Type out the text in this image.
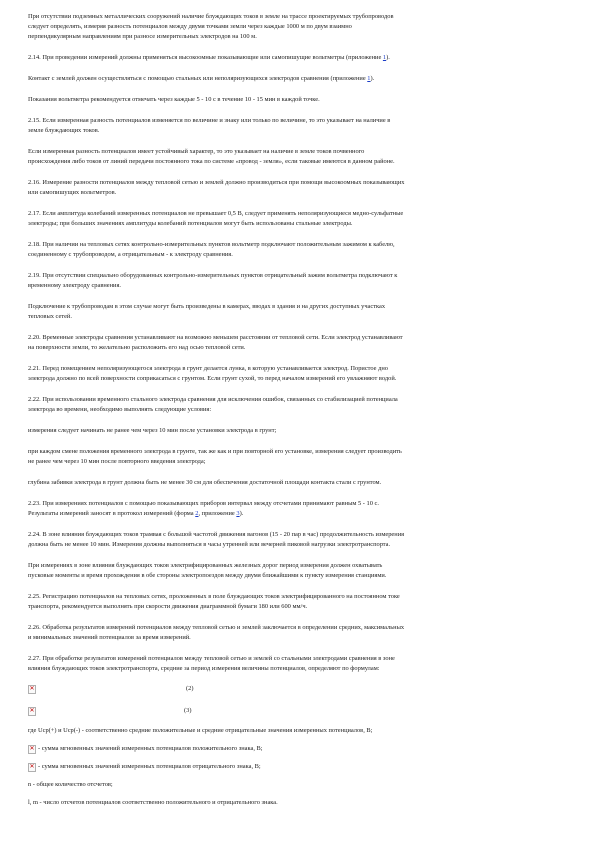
При отсутствии подземных металлических сооружений наличие блуждающих токов в земле на трассе проектируемых трубопроводов
следует определять, измеряя разность потенциалов между двумя точками земли через каждые 1000 м по двум взаимно
перпендикулярным направлениям при разносе измерительных электродов на 100 м.
2.14. При проведении измерений должны применяться высокоомные показывающие или самопишущие вольтметры (приложение 1).
Контакт с землей должен осуществляться с помощью стальных или неполяризующихся электродов сравнения (приложение 1).
Показания вольтметра рекомендуется отмечать через каждые 5 - 10 с в течение 10 - 15 мин в каждой точке.
2.15. Если измеренная разность потенциалов изменяется по величине и знаку или только по величине, то это указывает на наличие в
земле блуждающих токов.
Если измеренная разность потенциалов имеет устойчивый характер, то это указывает на наличие в земле токов почвенного
происхождения либо токов от линий передачи постоянного тока по системе «провод - земля», если таковые имеются в данном районе.
2.16. Измерение разности потенциалов между тепловой сетью и землей должно производиться при помощи высокоомных показывающих
или самопишущих вольтметров.
2.17. Если амплитуда колебаний измеренных потенциалов не превышает 0,5 В, следует применять неполяризующиеся медно-сульфатные
электроды; при больших значениях амплитуды колебаний потенциалов могут быть использованы стальные электроды.
2.18. При наличии на тепловых сетях контрольно-измерительных пунктов вольтметр подключают положительным зажимом к кабелю,
соединенному с трубопроводом, а отрицательным - к электроду сравнения.
2.19. При отсутствии специально оборудованных контрольно-измерительных пунктов отрицательный зажим вольтметра подключают к
временному электроду сравнения.
Подключение к трубопроводам в этом случае могут быть произведены в камерах, вводах в здания и на других доступных участках
тепловых сетей.
2.20. Временные электроды сравнения устанавливают на возможно меньшем расстоянии от тепловой сети. Если электрод устанавливают
на поверхности земли, то желательно расположить его над осью тепловой сети.
2.21. Перед помещением неполяризующегося электрода в грунт делается лунка, в которую устанавливается электрод. Пористое дно
электрода должно по всей поверхности соприкасаться с грунтом. Если грунт сухой, то перед началом измерений его увлажняют водой.
2.22. При использовании временного стального электрода сравнения для исключения ошибок, связанных со стабилизацией потенциала
электрода во времени, необходимо выполнять следующие условия:
измерения следует начинать не ранее чем через 10 мин после установки электрода в грунт;
при каждом смене положения временного электрода в грунте, так же как и при повторной его установке, измерения следует производить
не ранее чем через 10 мин после повторного введения электрода;
глубина забивки электрода в грунт должна быть не менее 30 см для обеспечения достаточной площади контакта стали с грунтом.
2.23. При измерениях потенциалов с помощью показывающих приборов интервал между отсчетами принимают равным 5 - 10 с.
Результаты измерений заносят в протокол измерений (форма 2, приложение 3).
2.24. В зоне влияния блуждающих токов трамвая с большой частотой движения вагонов (15 - 20 пар в час) продолжительность измерения
должна быть не менее 10 мин. Измерения должны выполняться в часы утренней или вечерней пиковой нагрузки электротранспорта.
При измерениях в зоне влияния блуждающих токов электрифицированных железных дорог период измерения должен охватывать
пусковые моменты и время прохождения в обе стороны электропоездов между двумя ближайшими к пункту измерения станциями.
2.25. Регистрацию потенциалов на тепловых сетях, проложенных в поле блуждающих токов электрифицированного на постоянном токе
транспорта, рекомендуется выполнять при скорости движения диаграммной бумаги 180 или 600 мм/ч.
2.26. Обработка результатов измерений потенциалов между тепловой сетью и землей заключается в определении средних, максимальных
и минимальных значений потенциалов за время измерений.
2.27. При обработке результатов измерений потенциалов между тепловой сетью и землей со стальными электродами сравнения в зоне
влияния блуждающих токов электротранспорта, средние за период измерения величины потенциалов, определяют по формулам:
✕	(2)
✕	(3)
где Uср(+) и Uср(-) - соответственно средние положительные и средние отрицательные значения измеренных потенциалов, В;
✕ - сумма мгновенных значений измеренных потенциалов положительного знака, В;
✕ - сумма мгновенных значений измеренных потенциалов отрицательного знака, В;
n - общее количество отсчетов;
l, m - число отсчетов потенциалов соответственно положительного и отрицательного знака.
